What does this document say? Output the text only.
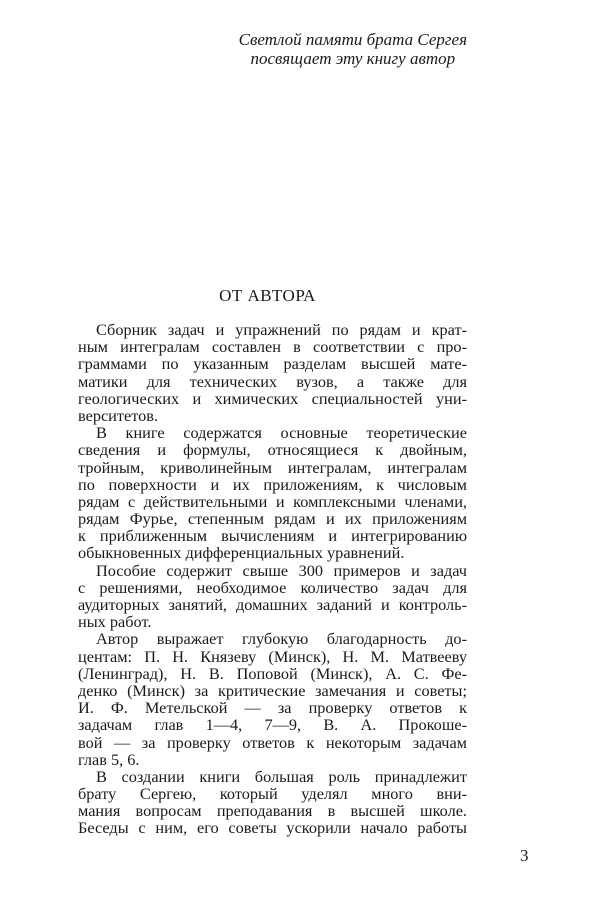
Светлой памяти брата Сергея
посвящает эту книгу автор
ОТ АВТОРА
Сборник задач и упражнений по рядам и крат-
ным интегралам составлен в соответствии с про-
граммами по указанным разделам высшей мате-
матики для технических вузов, а также для
геологических и химических специальностей уни-
верситетов.
В книге содержатся основные теоретические
сведения и формулы, относящиеся к двойным,
тройным, криволинейным интегралам, интегралам
по поверхности и их приложениям, к числовым
рядам с действительными и комплексными членами,
рядам Фурье, степенным рядам и их приложениям
к приближенным вычислениям и интегрированию
обыкновенных дифференциальных уравнений.
Пособие содержит свыше 300 примеров и задач
с решениями, необходимое количество задач для
аудиторных занятий, домашних заданий и контроль-
ных работ.
Автор выражает глубокую благодарность до-
центам: П. Н. Князеву (Минск), Н. М. Матвееву
(Ленинград), Н. В. Поповой (Минск), А. С. Фе-
денко (Минск) за критические замечания и советы;
И. Ф. Метельской — за проверку ответов к
задачам глав 1—4, 7—9, В. А. Прокоше-
вой — за проверку ответов к некоторым задачам
глав 5, 6.
В создании книги большая роль принадлежит
брату Сергею, который уделял много вни-
мания вопросам преподавания в высшей школе.
Беседы с ним, его советы ускорили начало работы
3
